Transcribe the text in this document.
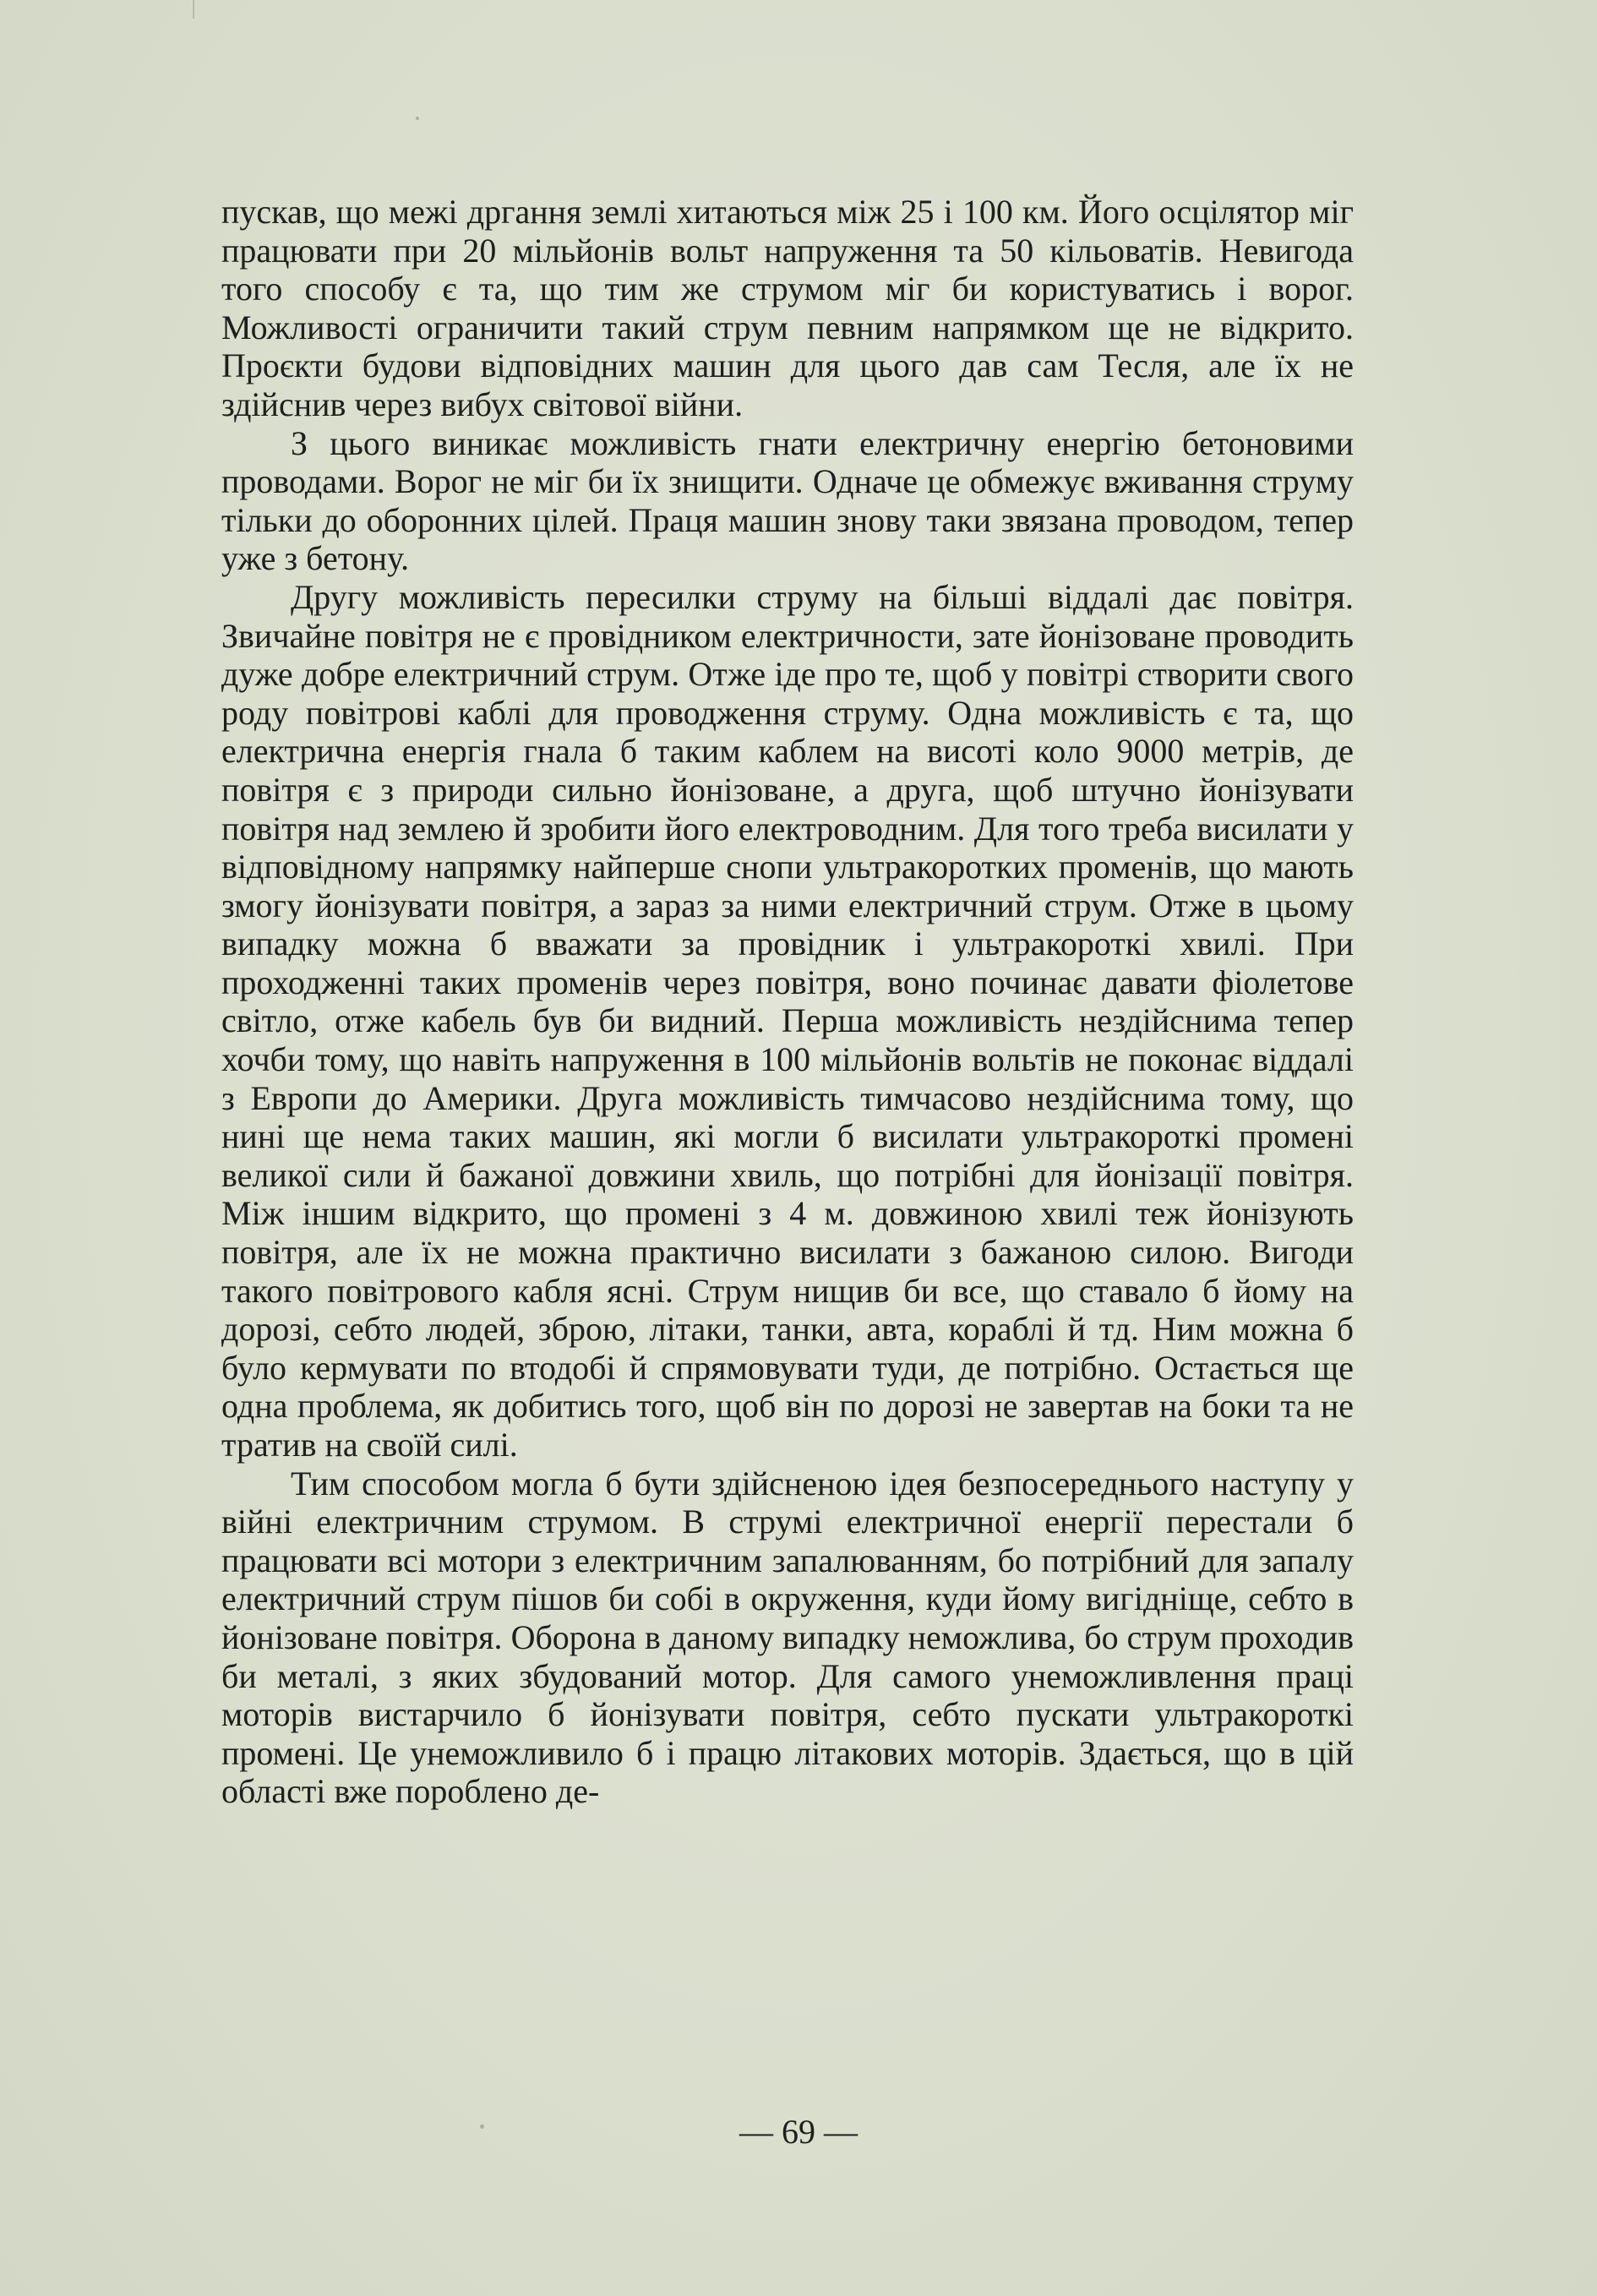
пускав, що межі дргання землі хитаються між 25 і 100 км. Його осцілятор міг працювати при 20 мільйонів вольт напруження та 50 кільоватів. Невигода того способу є та, що тим же струмом міг би користуватись і ворог. Можливості ограничити такий струм певним напрямком ще не відкрито. Проєкти будови відповідних машин для цього дав сам Тесля, але їх не здійснив через вибух світової війни.

З цього виникає можливість гнати електричну енергію бетоновими проводами. Ворог не міг би їх знищити. Одначе це обмежує вживання струму тільки до оборонних цілей. Праця машин знову таки звязана проводом, тепер уже з бетону.

Другу можливість пересилки струму на більші віддалі дає повітря. Звичайне повітря не є провідником електричности, зате йонізоване проводить дуже добре електричний струм. Отже іде про те, щоб у повітрі створити свого роду повітрові каблі для проводження струму. Одна можливість є та, що електрична енергія гнала б таким каблем на висоті коло 9000 метрів, де повітря є з природи сильно йонізоване, а друга, щоб штучно йонізувати повітря над землею й зробити його електроводним. Для того треба висилати у відповідному напрямку найперше снопи ультракоротких променів, що мають змогу йонізувати повітря, а зараз за ними електричний струм. Отже в цьому випадку можна б вважати за провідник і ультракороткі хвилі. При проходженні таких променів через повітря, воно починає давати фіолетове світло, отже кабель був би видний. Перша можливість нездійснима тепер хочби тому, що навіть напруження в 100 мільйонів вольтів не поконає віддалі з Европи до Америки. Друга можливість тимчасово нездійснима тому, що нині ще нема таких машин, які могли б висилати ультракороткі промені великої сили й бажаної довжини хвиль, що потрібні для йонізації повітря. Між іншим відкрито, що промені з 4 м. довжиною хвилі теж йонізують повітря, але їх не можна практично висилати з бажаною силою. Вигоди такого повітрового кабля ясні. Струм нищив би все, що ставало б йому на дорозі, себто людей, зброю, літаки, танки, авта, кораблі й тд. Ним можна б було кермувати по втодобі й спрямовувати туди, де потрібно. Остається ще одна проблема, як добитись того, щоб він по дорозі не завертав на боки та не тратив на своїй силі.

Тим способом могла б бути здійсненою ідея безпосереднього наступу у війні електричним струмом. В струмі електричної енергії перестали б працювати всі мотори з електричним запалюванням, бо потрібний для запалу електричний струм пішов би собі в окруження, куди йому вигідніще, себто в йонізоване повітря. Оборона в даному випадку неможлива, бо струм проходив би металі, з яких збудований мотор. Для самого унеможливлення праці моторів вистарчило б йонізувати повітря, себто пускати ультракороткі промені. Це унеможливило б і працю літакових моторів. Здається, що в цій області вже пороблено де-

— 69 —
